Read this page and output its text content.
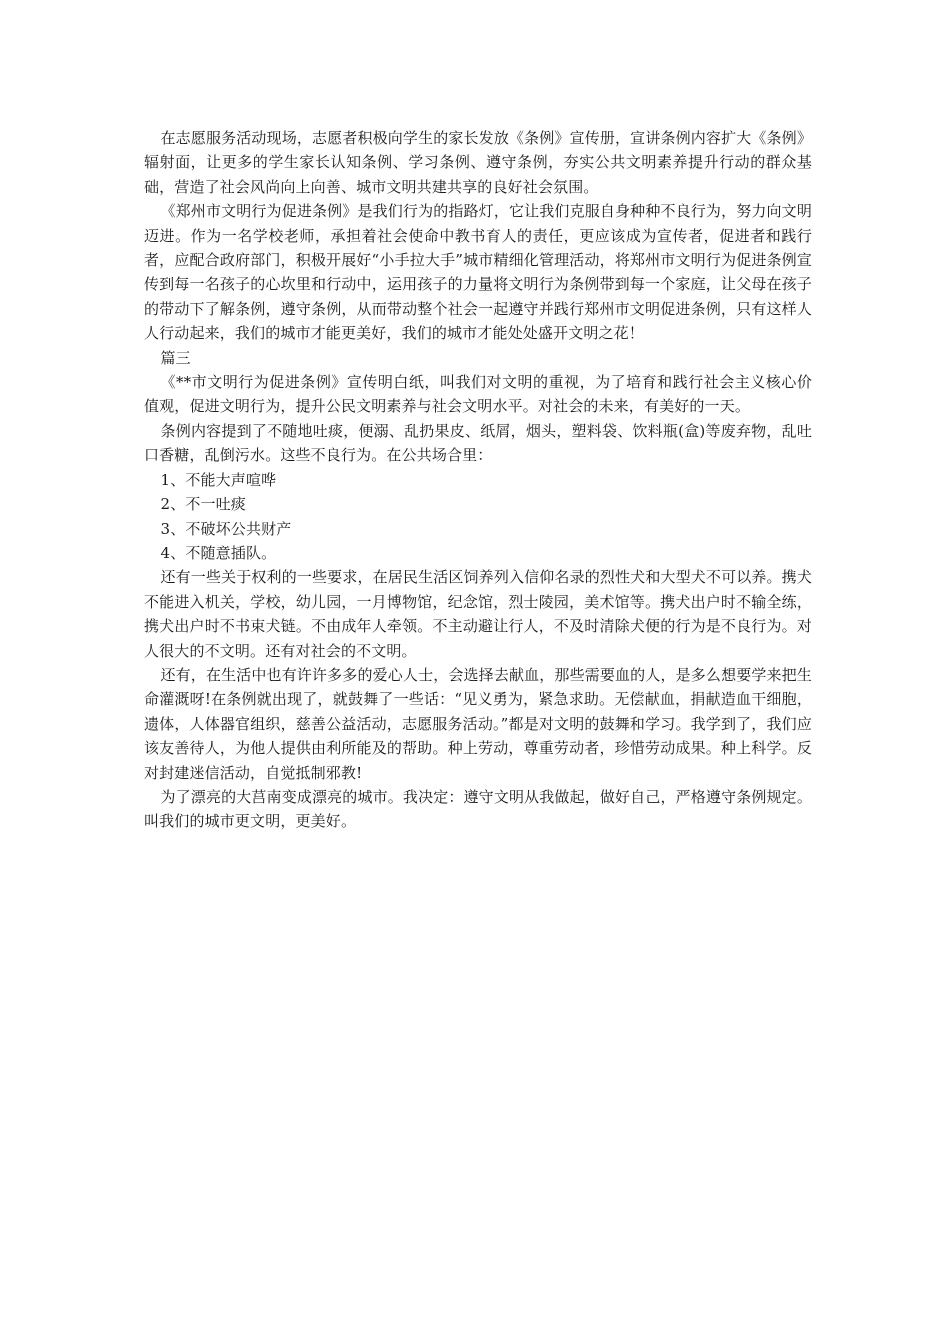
在志愿服务活动现场，志愿者积极向学生的家长发放《条例》宣传册，宣讲条例内容扩大《条例》辐射面，让更多的学生家长认知条例、学习条例、遵守条例，夯实公共文明素养提升行动的群众基础，营造了社会风尚向上向善、城市文明共建共享的良好社会氛围。

《郑州市文明行为促进条例》是我们行为的指路灯，它让我们克服自身种种不良行为，努力向文明迈进。作为一名学校老师，承担着社会使命中教书育人的责任，更应该成为宣传者，促进者和践行者，应配合政府部门，积极开展好“小手拉大手”城市精细化管理活动，将郑州市文明行为促进条例宣传到每一名孩子的心坎里和行动中，运用孩子的力量将文明行为条例带到每一个家庭，让父母在孩子的带动下了解条例，遵守条例，从而带动整个社会一起遵守并践行郑州市文明促进条例，只有这样人人行动起来，我们的城市才能更美好，我们的城市才能处处盛开文明之花！

篇三

《**市文明行为促进条例》宣传明白纸，叫我们对文明的重视，为了培育和践行社会主义核心价值观，促进文明行为，提升公民文明素养与社会文明水平。对社会的未来，有美好的一天。

条例内容提到了不随地吐痰，便溺、乱扔果皮、纸屑，烟头，塑料袋、饮料瓶(盒)等废弃物，乱吐口香糖，乱倒污水。这些不良行为。在公共场合里：

1、不能大声喧哗

2、不一吐痰

3、不破坏公共财产

4、不随意插队。

还有一些关于权利的一些要求，在居民生活区饲养列入信仰名录的烈性犬和大型犬不可以养。携犬不能进入机关，学校，幼儿园，一月博物馆，纪念馆，烈士陵园，美术馆等。携犬出户时不输全练，携犬出户时不书束犬链。不由成年人牵领。不主动避让行人，不及时清除犬便的行为是不良行为。对人很大的不文明。还有对社会的不文明。

还有，在生活中也有许许多多的爱心人士，会选择去献血，那些需要血的人，是多么想要学来把生命灌溉呀!在条例就出现了，就鼓舞了一些话：“见义勇为，紧急求助。无偿献血，捐献造血干细胞，遗体，人体器官组织，慈善公益活动，志愿服务活动。”都是对文明的鼓舞和学习。我学到了，我们应该友善待人，为他人提供由利所能及的帮助。种上劳动，尊重劳动者，珍惜劳动成果。种上科学。反对封建迷信活动，自觉抵制邪教!

为了漂亮的大莒南变成漂亮的城市。我决定：遵守文明从我做起，做好自己，严格遵守条例规定。叫我们的城市更文明，更美好。
